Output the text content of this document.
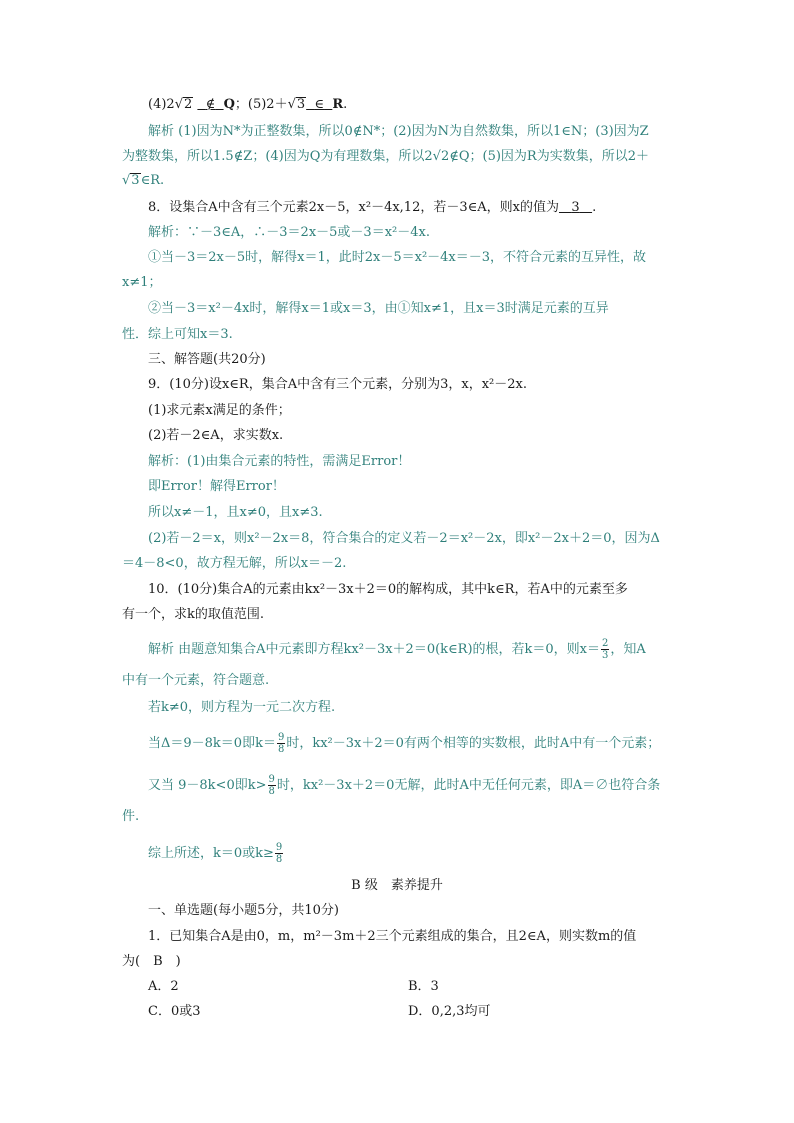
(4)2√2 ∉ Q；(5)2＋√3 ∈ R.
解析 (1)因为N*为正整数集，所以0∉N*；(2)因为N为自然数集，所以1∈N；(3)因为Z
为整数集，所以1.5∉Z；(4)因为Q为有理数集，所以2√2∉Q；(5)因为R为实数集，所以2＋
√3∈R.
8．设集合A中含有三个元素2x－5，x²－4x,12，若－3∈A，则x的值为 3 .
解析：∵－3∈A，∴－3＝2x－5或－3＝x²－4x.
①当－3＝2x－5时，解得x＝1，此时2x－5＝x²－4x＝－3，不符合元素的互异性，故
x≠1；
②当－3＝x²－4x时，解得x＝1或x＝3，由①知x≠1，且x＝3时满足元素的互异
性．综上可知x＝3.
三、解答题(共20分)
9．(10分)设x∈R，集合A中含有三个元素，分别为3，x，x²－2x.
(1)求元素x满足的条件；
(2)若－2∈A，求实数x.
解析：(1)由集合元素的特性，需满足Error！
即Error！解得Error！
所以x≠－1，且x≠0，且x≠3.
(2)若－2＝x，则x²－2x＝8，符合集合的定义若－2＝x²－2x，即x²－2x＋2＝0，因为Δ
＝4－8<0，故方程无解，所以x＝－2.
10．(10分)集合A的元素由kx²－3x＋2＝0的解构成，其中k∈R，若A中的元素至多
有一个，求k的取值范围.
解析 由题意知集合A中元素即方程kx²－3x＋2＝0(k∈R)的根，若k＝0，则$x= \frac{2}{3}$ ，知A
中有一个元素，符合题意.
若k≠0，则方程为一元二次方程.
当Δ＝9－8k＝0即$k= \frac{9}{8}$ 时，kx²－3x＋2＝0有两个相等的实数根，此时A中有一个元素；
又当 9－8k<0即$k> \frac{9}{8}$ 时，kx²－3x＋2＝0无解，此时A中无任何元素，即A＝∅也符合条
件.
综上所述，k＝0或$k\ge \frac{9}{8}$
B 级　素养提升
一、单选题(每小题5分，共10分)
1．已知集合A是由0，m，m²－3m＋2三个元素组成的集合，且2∈A，则实数m的值
为(　B　)
A．2	B．3
C．0或3	D．0,2,3均可
